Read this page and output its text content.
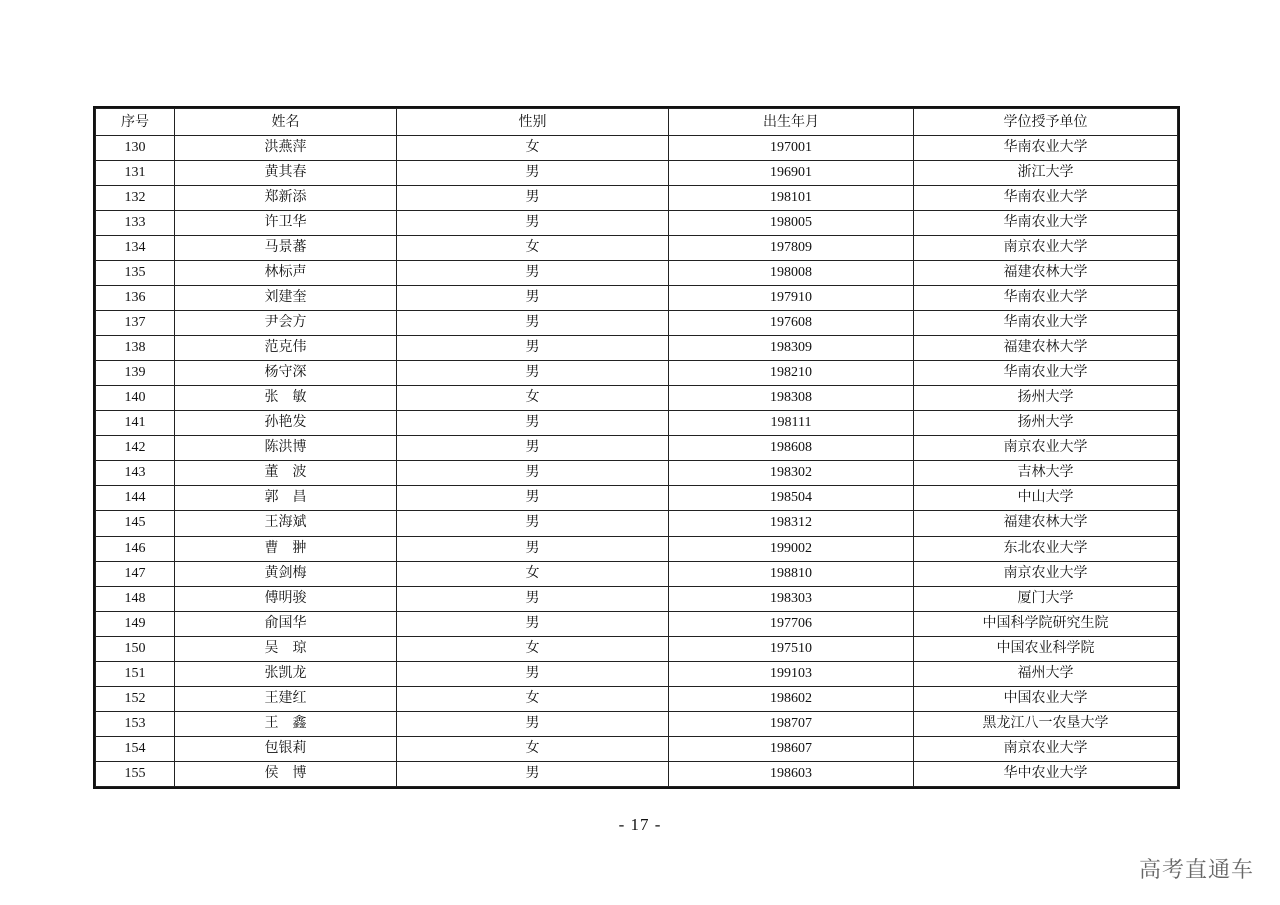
序号	姓名	性别	出生年月	学位授予单位
130	洪燕萍	女	197001	华南农业大学
131	黄其春	男	196901	浙江大学
132	郑新添	男	198101	华南农业大学
133	许卫华	男	198005	华南农业大学
134	马景蕃	女	197809	南京农业大学
135	林标声	男	198008	福建农林大学
136	刘建奎	男	197910	华南农业大学
137	尹会方	男	197608	华南农业大学
138	范克伟	男	198309	福建农林大学
139	杨守深	男	198210	华南农业大学
140	张　敏	女	198308	扬州大学
141	孙艳发	男	198111	扬州大学
142	陈洪博	男	198608	南京农业大学
143	董　波	男	198302	吉林大学
144	郭　昌	男	198504	中山大学
145	王海斌	男	198312	福建农林大学
146	曹　翀	男	199002	东北农业大学
147	黄剑梅	女	198810	南京农业大学
148	傅明骏	男	198303	厦门大学
149	俞国华	男	197706	中国科学院研究生院
150	吴　琼	女	197510	中国农业科学院
151	张凯龙	男	199103	福州大学
152	王建红	女	198602	中国农业大学
153	王　鑫	男	198707	黑龙江八一农垦大学
154	包银莉	女	198607	南京农业大学
155	侯　博	男	198603	华中农业大学
- 17 -
高考直通车
